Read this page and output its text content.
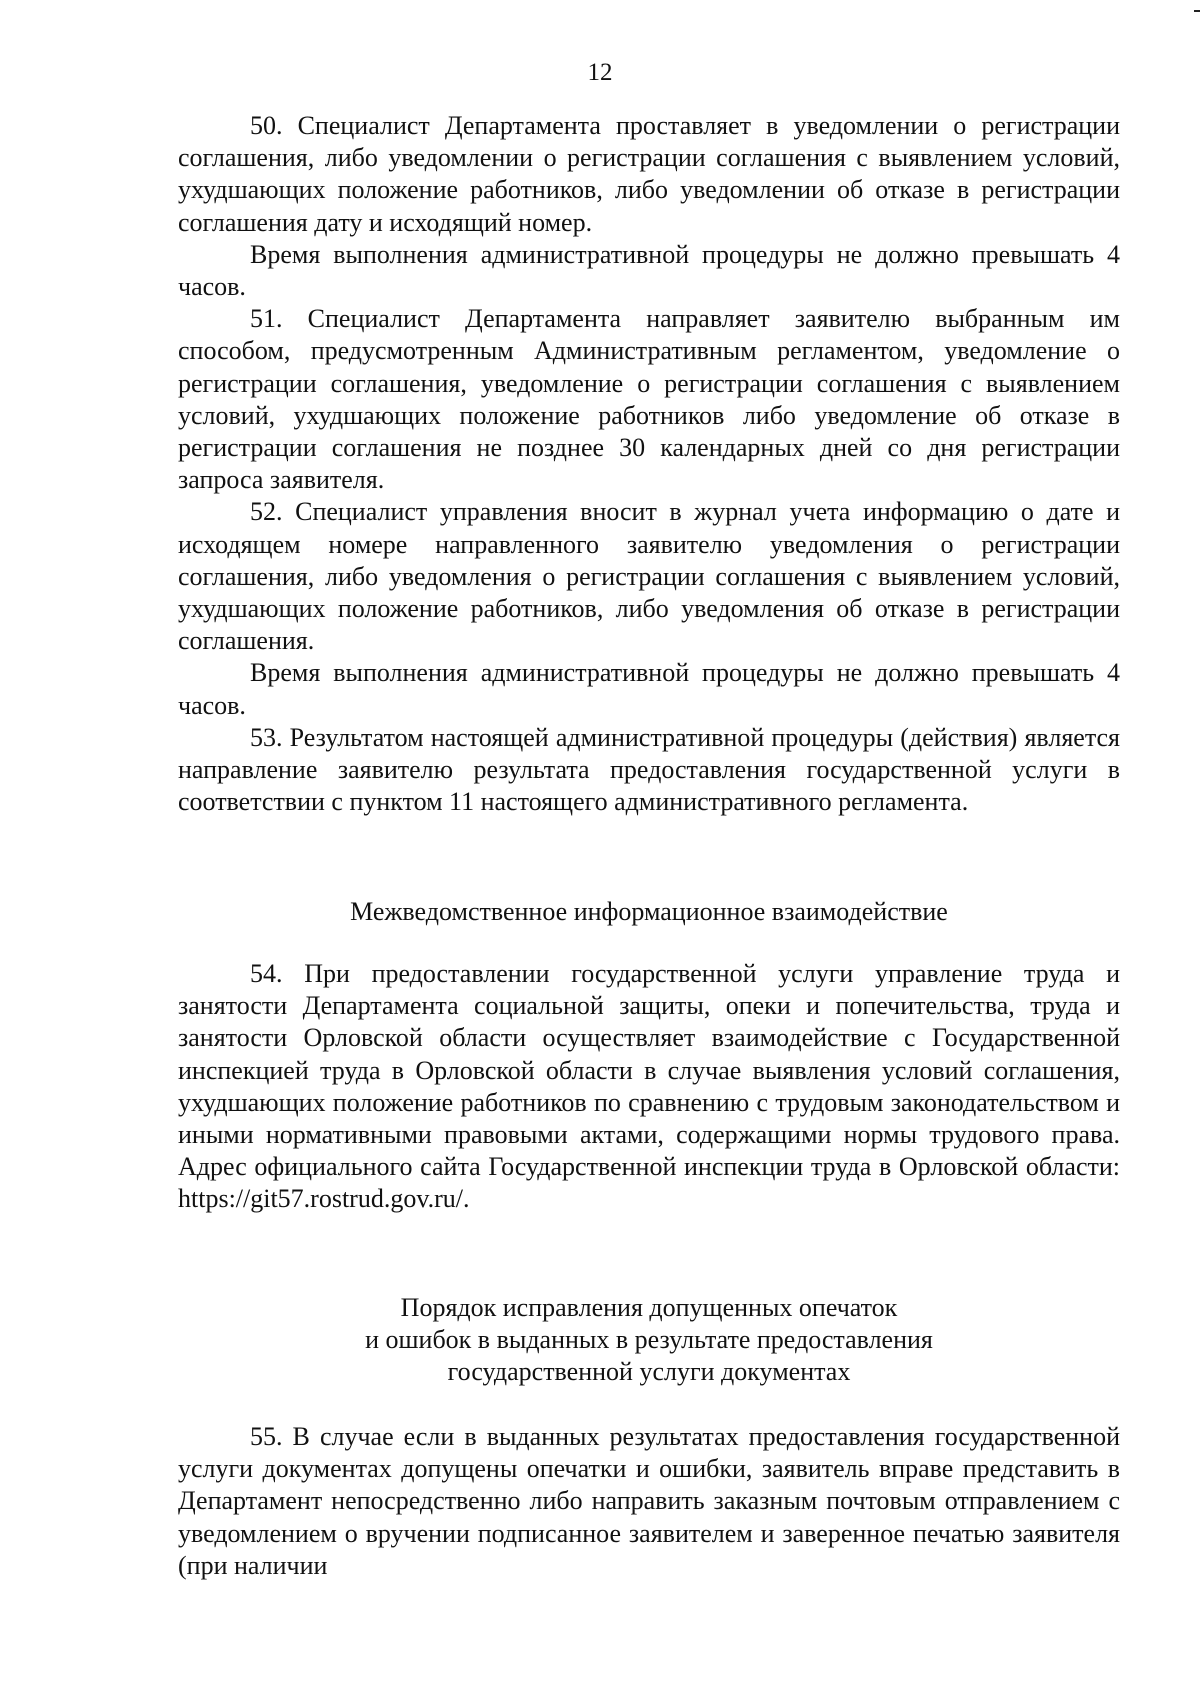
12

50. Специалист Департамента проставляет в уведомлении о регистрации соглашения, либо уведомлении о регистрации соглашения с выявлением условий, ухудшающих положение работников, либо уведомлении об отказе в регистрации соглашения дату и исходящий номер.

Время выполнения административной процедуры не должно превышать 4 часов.

51. Специалист Департамента направляет заявителю выбранным им способом, предусмотренным Административным регламентом, уведомление о регистрации соглашения, уведомление о регистрации соглашения с выявлением условий, ухудшающих положение работников либо уведомление об отказе в регистрации соглашения не позднее 30 календарных дней со дня регистрации запроса заявителя.

52. Специалист управления вносит в журнал учета информацию о дате и исходящем номере направленного заявителю уведомления о регистрации соглашения, либо уведомления о регистрации соглашения с выявлением условий, ухудшающих положение работников, либо уведомления об отказе в регистрации соглашения.

Время выполнения административной процедуры не должно превышать 4 часов.

53. Результатом настоящей административной процедуры (действия) является направление заявителю результата предоставления государственной услуги в соответствии с пунктом 11 настоящего административного регламента.

Межведомственное информационное взаимодействие

54. При предоставлении государственной услуги управление труда и занятости Департамента социальной защиты, опеки и попечительства, труда и занятости Орловской области осуществляет взаимодействие с Государственной инспекцией труда в Орловской области в случае выявления условий соглашения, ухудшающих положение работников по сравнению с трудовым законодательством и иными нормативными правовыми актами, содержащими нормы трудового права. Адрес официального сайта Государственной инспекции труда в Орловской области: https://git57.rostrud.gov.ru/.

Порядок исправления допущенных опечаток
и ошибок в выданных в результате предоставления
государственной услуги документах

55. В случае если в выданных результатах предоставления государственной услуги документах допущены опечатки и ошибки, заявитель вправе представить в Департамент непосредственно либо направить заказным почтовым отправлением с уведомлением о вручении подписанное заявителем и заверенное печатью заявителя (при наличии
